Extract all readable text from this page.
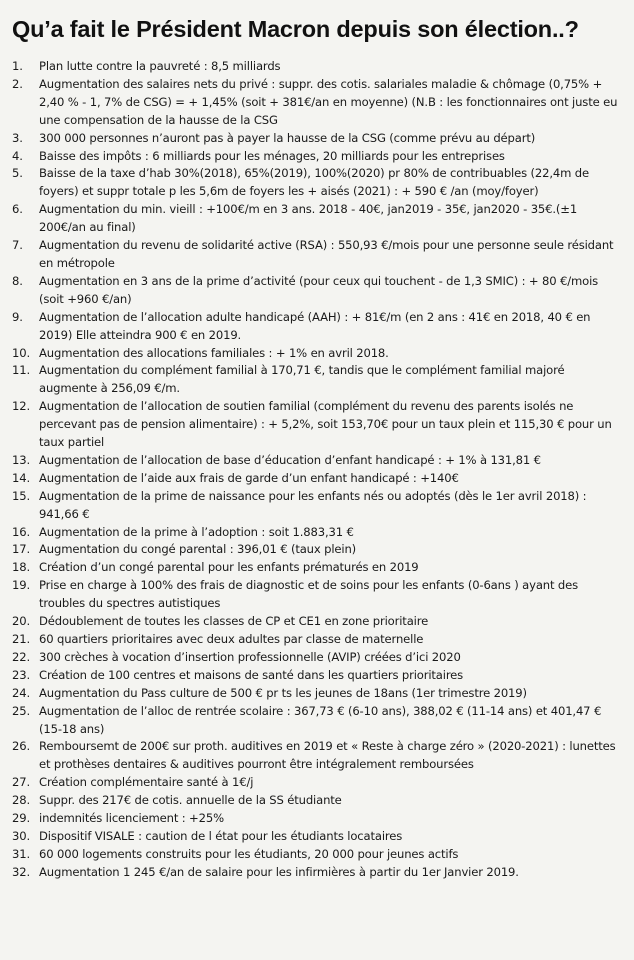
Qu’a fait le Président Macron depuis son élection..?
1.	Plan lutte contre la pauvreté : 8,5 milliards
2.	Augmentation des salaires nets du privé : suppr. des cotis. salariales maladie & chômage (0,75% + 2,40 % - 1, 7% de CSG) = + 1,45% (soit + 381€/an en moyenne) (N.B : les fonctionnaires ont juste eu une compensation de la hausse de la CSG
3.	300 000 personnes n’auront pas à payer la hausse de la CSG (comme prévu au départ)
4.	Baisse des impôts : 6 milliards pour les ménages, 20 milliards pour les entreprises
5.	Baisse de la taxe d’hab 30%(2018), 65%(2019), 100%(2020) pr 80% de contribuables (22,4m de foyers) et suppr totale p les 5,6m de foyers les + aisés (2021) : + 590 € /an (moy/foyer)
6.	Augmentation du min. vieill : +100€/m en 3 ans. 2018 - 40€, jan2019 - 35€, jan2020 - 35€.(±1 200€/an au final)
7.	Augmentation du revenu de solidarité active (RSA) : 550,93 €/mois pour une personne seule résidant en métropole
8.	Augmentation en 3 ans de la prime d’activité (pour ceux qui touchent - de 1,3 SMIC) : + 80 €/mois (soit +960 €/an)
9.	Augmentation de l’allocation adulte handicapé (AAH) : + 81€/m (en 2 ans : 41€ en 2018, 40 € en 2019) Elle atteindra 900 € en 2019.
10. Augmentation des allocations familiales : + 1% en avril 2018.
11. Augmentation du complément familial à 170,71 €, tandis que le complément familial majoré augmente à 256,09 €/m.
12. Augmentation de l’allocation de soutien familial (complément du revenu des parents isolés ne percevant pas de pension alimentaire) : + 5,2%, soit 153,70€ pour un taux plein et 115,30 € pour un taux partiel
13. Augmentation de l’allocation de base d’éducation d’enfant handicapé : + 1% à 131,81 €
14. Augmentation de l’aide aux frais de garde d’un enfant handicapé : +140€
15. Augmentation de la prime de naissance pour les enfants nés ou adoptés (dès le 1er avril 2018) : 941,66 €
16. Augmentation de la prime à l’adoption : soit 1.883,31 €
17. Augmentation du congé parental : 396,01 € (taux plein)
18. Création d’un congé parental pour les enfants prématurés en 2019
19. Prise en charge à 100% des frais de diagnostic et de soins pour les enfants (0-6ans ) ayant des troubles du spectres autistiques
20. Dédoublement de toutes les classes de CP et CE1 en zone prioritaire
21. 60 quartiers prioritaires avec deux adultes par classe de maternelle
22. 300 crèches à vocation d’insertion professionnelle (AVIP) créées d’ici 2020
23. Création de 100 centres et maisons de santé dans les quartiers prioritaires
24. Augmentation du Pass culture de 500 € pr ts les jeunes de 18ans (1er trimestre 2019)
25. Augmentation de l’alloc de rentrée scolaire : 367,73 € (6-10 ans), 388,02 € (11-14 ans) et 401,47 € (15-18 ans)
26. Remboursemt de 200€ sur proth. auditives en 2019 et « Reste à charge zéro » (2020-2021) : lunettes et prothèses dentaires & auditives pourront être intégralement remboursées
27. Création complémentaire santé à 1€/j
28. Suppr. des 217€ de cotis. annuelle de la SS étudiante
29. indemnités licenciement : +25%
30. Dispositif VISALE : caution de l état pour les étudiants locataires
31. 60 000 logements construits pour les étudiants, 20 000 pour jeunes actifs
32. Augmentation 1 245 €/an de salaire pour les infirmières à partir du 1er Janvier 2019.
